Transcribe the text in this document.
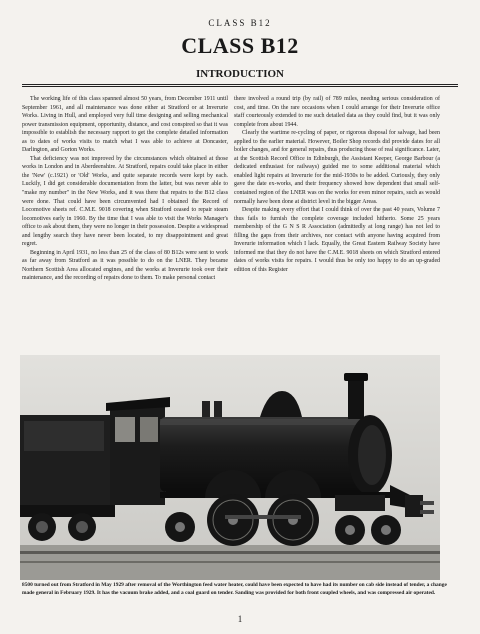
CLASS B12
CLASS B12
INTRODUCTION

The working life of this class spanned almost 50 years, from December 1911 until September 1961, and all maintenance was done either at Stratford or at Inverurie Works. Living in Hull, and employed very full time designing and selling mechanical power transmission equipment, opportunity, distance, and cost conspired so that it was impossible to establish the necessary rapport to get the complete detailed information as to dates of works visits to match what I was able to achieve at Doncaster, Darlington, and Gorton Works.

That deficiency was not improved by the circumstances which obtained at those works in London and in Aberdeenshire. At Stratford, repairs could take place in either the 'New' (c.1921) or 'Old' Works, and quite separate records were kept by each. Luckily, I did get considerable documentation from the latter, but was never able to "make my number" in the New Works, and it was there that repairs to the B12 class were done. That could have been circumvented had I obtained the Record of Locomotive sheets ref. C.M.E. 9018 covering when Stratford ceased to repair steam locomotives early in 1960. By the time that I was able to visit the Works Manager's office to ask about them, they were no longer in their possession. Despite a widespread and lengthy search they have never been located, to my disappointment and great regret.

Beginning in April 1931, no less than 25 of the class of 80 B12s were sent to work as far away from Stratford as it was possible to do on the LNER. They became Northern Scottish Area allocated engines, and the works at Inverurie took over their maintenance, and the recording of repairs done to them. To make personal contact

there involved a round trip (by rail) of 789 miles, needing serious consideration of cost, and time. On the rare occasions when I could arrange for their Inverurie office staff courteously extended to me such detailed data as they could find, but it was only complete from about 1944.

Clearly the wartime re-cycling of paper, or rigorous disposal for salvage, had been applied to the earlier material. However, Boiler Shop records did provide dates for all boiler changes, and for general repairs, thus producing those of real significance. Later, at the Scottish Record Office in Edinburgh, the Assistant Keeper, George Barbour (a dedicated enthusiast for railways) guided me to some additional material which enabled light repairs at Inverurie for the mid-1930s to be added. Curiously, they only gave the date ex-works, and their frequency showed how dependent that small self-contained region of the LNER was on the works for even minor repairs, such as would normally have been done at district level in the bigger Areas.

Despite making every effort that I could think of over the past 40 years, Volume 7 thus fails to furnish the complete coverage included hitherto. Some 25 years membership of the G N S R Association (admittedly at long range) has not led to filling the gaps from their archives, nor contact with anyone having acquired from Inverurie information which I lack. Equally, the Great Eastern Railway Society have informed me that they do not have the C.M.E. 9018 sheets on which Stratford entered dates of works visits for repairs. I would thus be only too happy to do an up-graded edition of this Register

8500 turned out from Stratford in May 1929 after removal of the Worthington feed water heater, could have been expected to have had its number on cab side instead of tender, a change made general in February 1929. It has the vacuum brake added, and a coal guard on tender. Sanding was provided for both front coupled wheels, and was compressed air operated.
1
